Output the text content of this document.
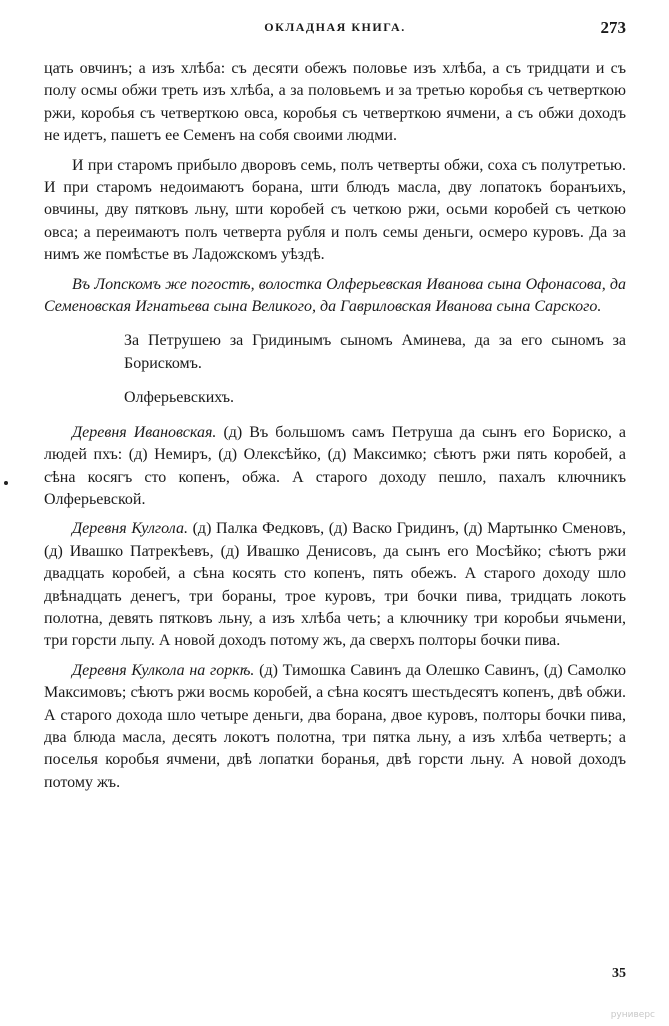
ОКЛАДНАЯ КНИГА.	273

цать овчинъ; а изъ хлѣба: съ десяти обежъ половье изъ хлѣба, а съ тридцати и съ полу осмы обжи треть изъ хлѣба, а за половьемъ и за третью коробья съ четверткою ржи, коробья съ четверткою овса, коробья съ четверткою ячмени, а съ обжи доходъ не идетъ, пашетъ ее Семенъ на собя своими людми.

И при старомъ прибыло дворовъ семь, полъ четверты обжи, соха съ полутретью. И при старомъ недоимаютъ борана, шти блюдъ масла, дву лопатокъ боранъихъ, овчины, дву пятковъ льну, шти коробей съ четкою ржи, осьми коробей съ четкою овса; а переимаютъ полъ четверта рубля и полъ семы деньги, осмеро куровъ. Да за нимъ же помѣстье въ Ладожскомъ уѣздѣ.

Въ Лопскомъ же погостѣ, волостка Олферьевская Иванова сына Офонасова, да Семеновская Игнатьева сына Великого, да Гавриловская Иванова сына Сарского.

За Петрушею за Гридинымъ сыномъ Аминева, да за его сыномъ за Борискомъ.

Олферьевскихъ.

Деревня Ивановская. (д) Въ большомъ самъ Петруша да сынъ его Бориско, а людей пхъ: (д) Немиръ, (д) Олексѣйко, (д) Максимко; сѣютъ ржи пять коробей, а сѣна косягъ сто копенъ, обжа. А старого доходу пешло, пахалъ ключникъ Олферьевской.

Деревня Кулгола. (д) Палка Федковъ, (д) Васко Гридинъ, (д) Мартынко Сменовъ, (д) Ивашко Патрекѣевъ, (д) Ивашко Денисовъ, да сынъ его Мосѣйко; сѣютъ ржи двадцать коробей, а сѣна косять сто копенъ, пять обежъ. А старого доходу шло двѣнадцать денегъ, три бораны, трое куровъ, три бочки пива, тридцать локоть полотна, девять пятковъ льну, а изъ хлѣба четь; а ключнику три коробьи ячьмени, три горсти льпу. А новой доходъ потому жъ, да сверхъ полторы бочки пива.

Деревня Кулкола на горкѣ. (д) Тимошка Савинъ да Олешко Савинъ, (д) Самолко Максимовъ; сѣютъ ржи восмь коробей, а сѣна косятъ шестьдесятъ копенъ, двѣ обжи. А старого дохода шло четыре деньги, два борана, двое куровъ, полторы бочки пива, два блюда масла, десять локотъ полотна, три пятка льну, а изъ хлѣба четверть; а поселья коробья ячмени, двѣ лопатки боранья, двѣ горсти льну. А новой доходъ потому жъ.

35
руниверс
